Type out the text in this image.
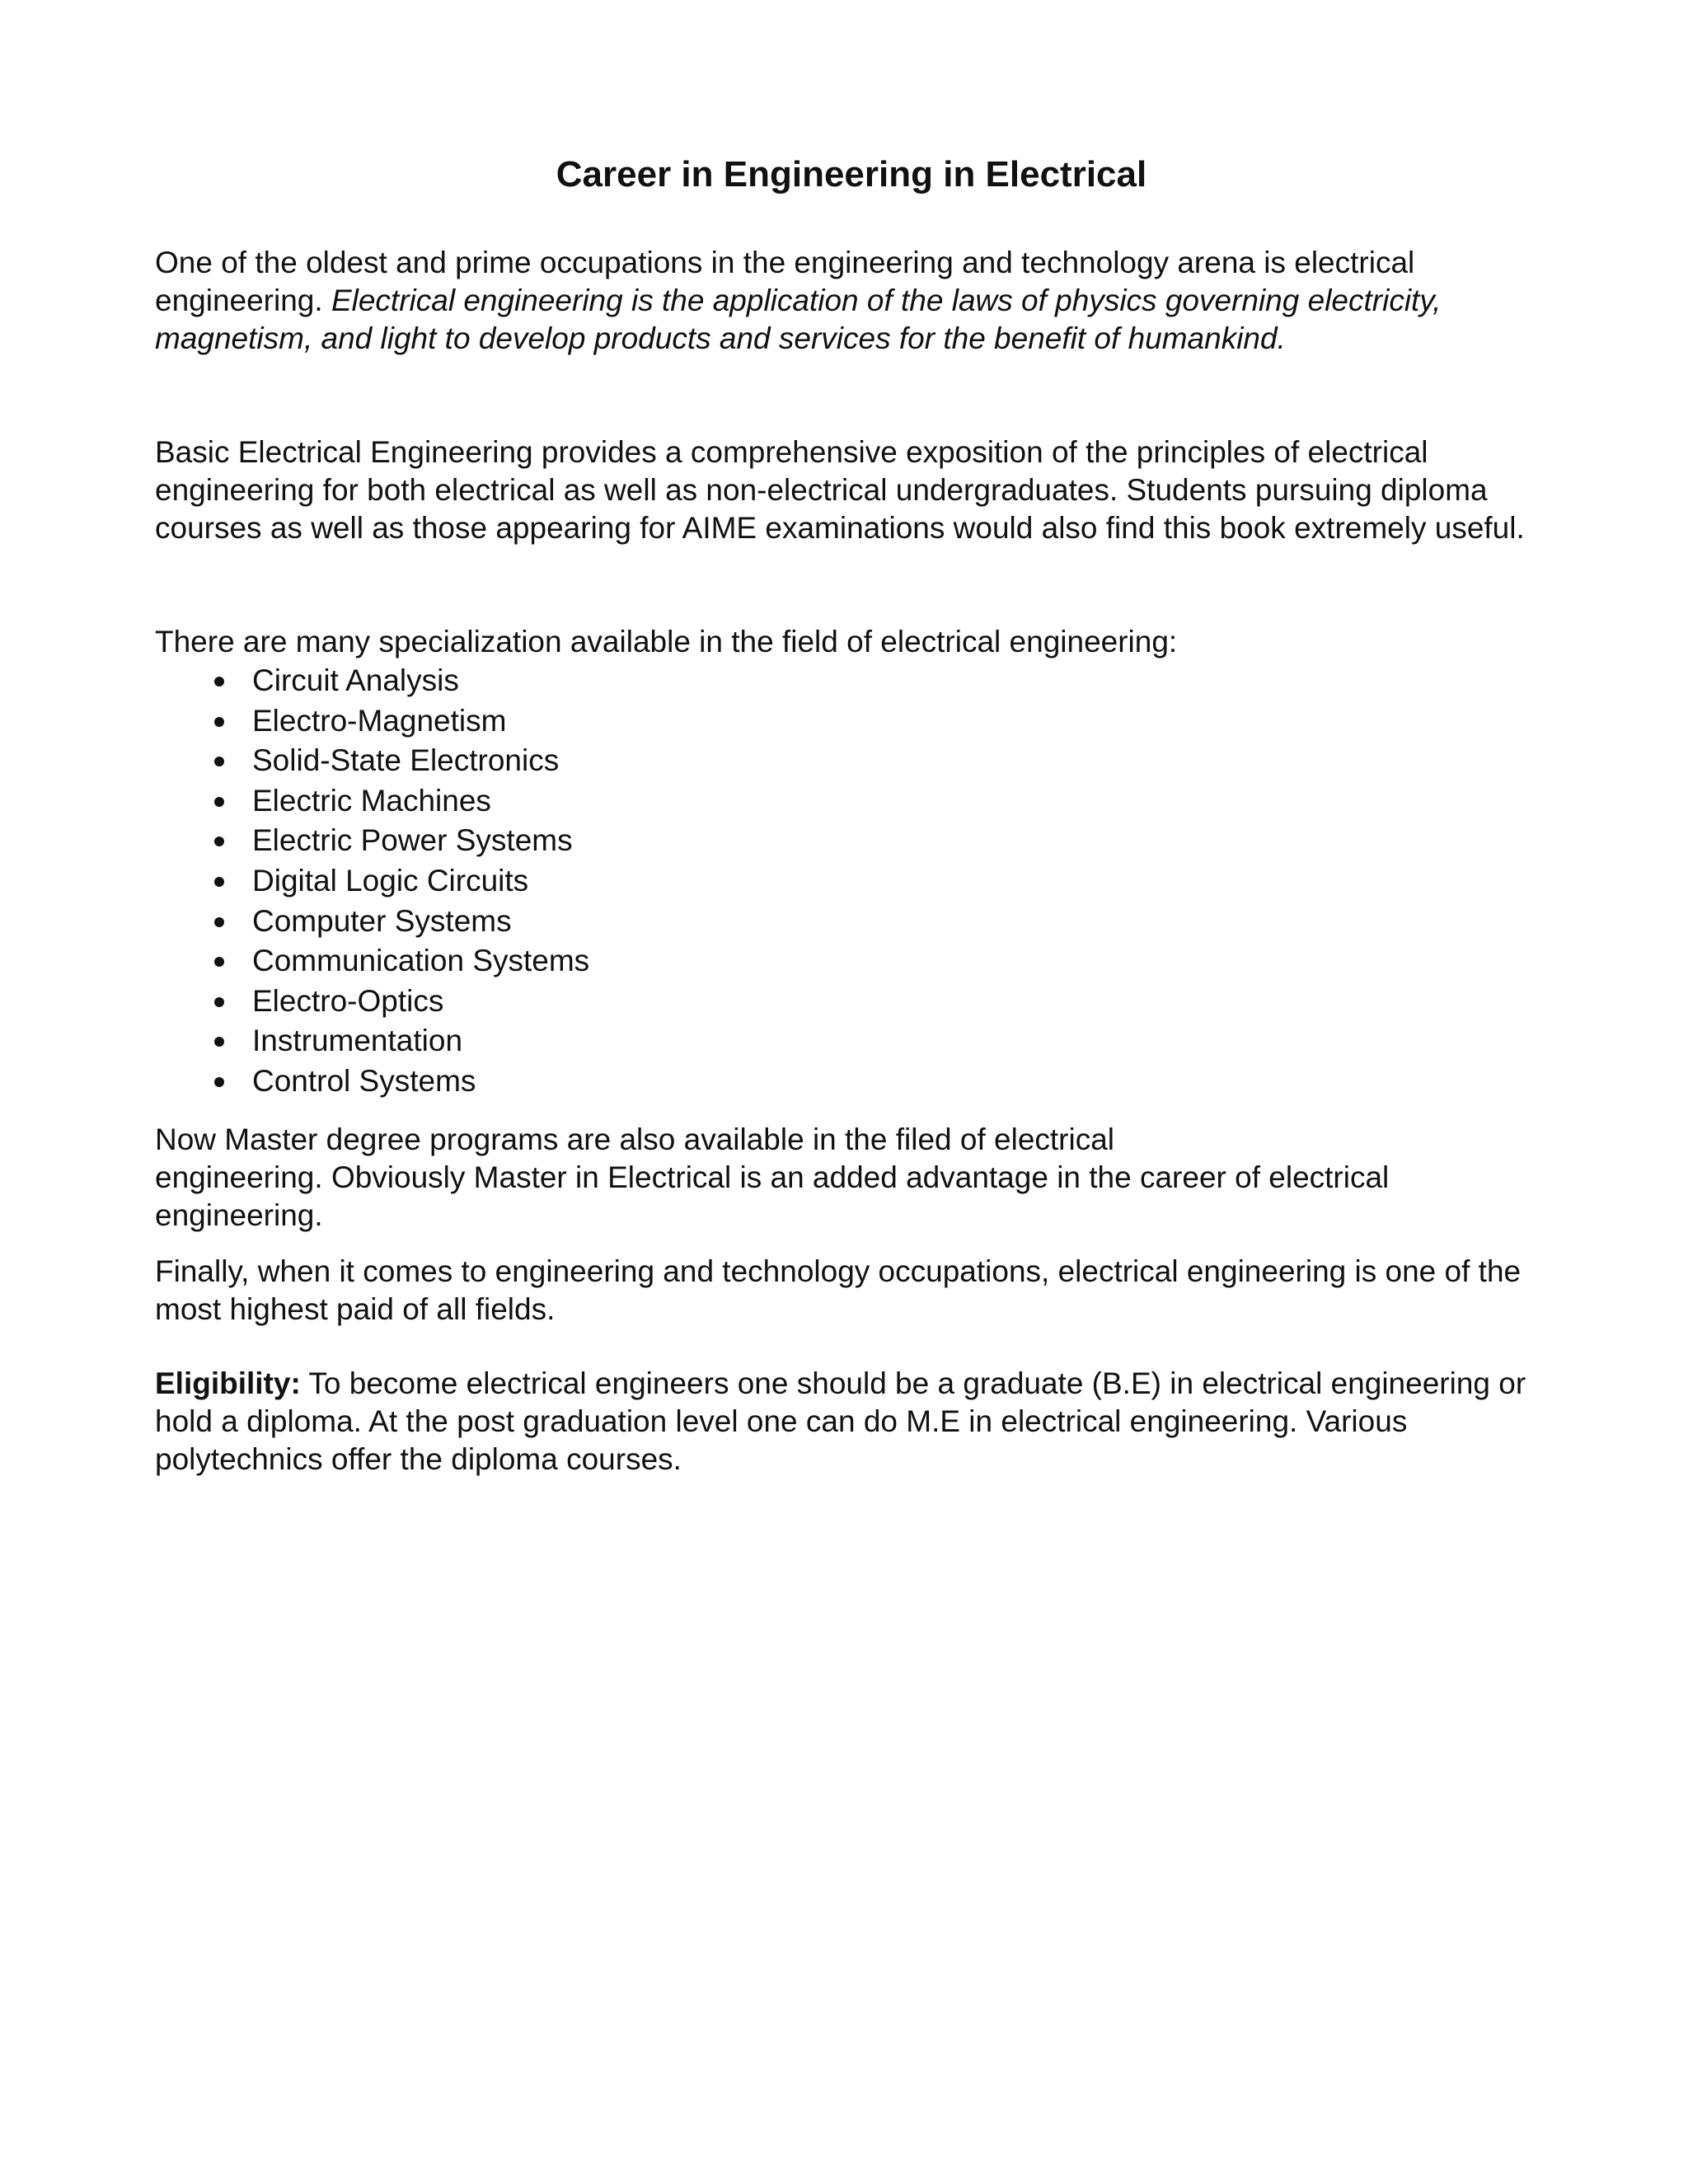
Career in Engineering in Electrical

One of the oldest and prime occupations in the engineering and technology arena is electrical engineering. Electrical engineering is the application of the laws of physics governing electricity, magnetism, and light to develop products and services for the benefit of humankind.

Basic Electrical Engineering provides a comprehensive exposition of the principles of electrical engineering for both electrical as well as non-electrical undergraduates. Students pursuing diploma courses as well as those appearing for AIME examinations would also find this book extremely useful.

There are many specialization available in the field of electrical engineering:

Circuit Analysis
Electro-Magnetism
Solid-State Electronics
Electric Machines
Electric Power Systems
Digital Logic Circuits
Computer Systems
Communication Systems
Electro-Optics
Instrumentation
Control Systems

Now Master degree programs are also available in the filed of electrical
engineering. Obviously Master in Electrical is an added advantage in the career of electrical engineering.

Finally, when it comes to engineering and technology occupations, electrical engineering is one of the most highest paid of all fields.

Eligibility: To become electrical engineers one should be a graduate (B.E) in electrical engineering or hold a diploma. At the post graduation level one can do M.E in electrical engineering. Various polytechnics offer the diploma courses.
